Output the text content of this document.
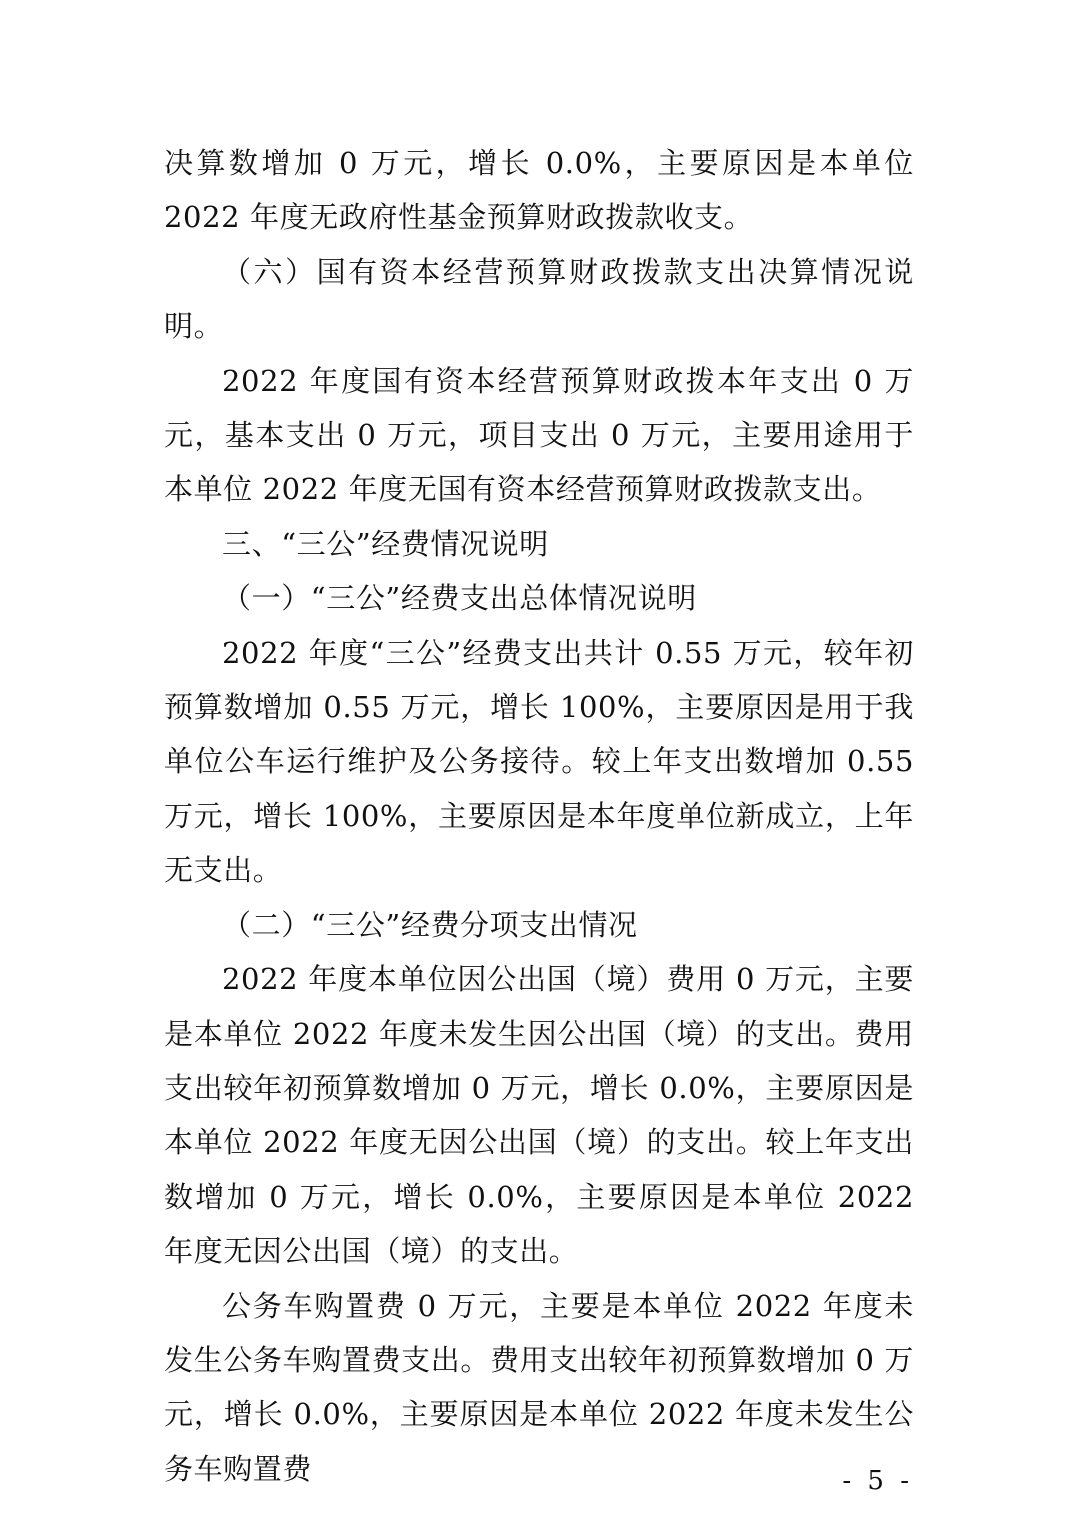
决算数增加 0 万元，增长 0.0%，主要原因是本单位 2022 年度无政府性基金预算财政拨款收支。

（六）国有资本经营预算财政拨款支出决算情况说明。

2022 年度国有资本经营预算财政拨本年支出 0 万元，基本支出 0 万元，项目支出 0 万元，主要用途用于本单位 2022 年度无国有资本经营预算财政拨款支出。

三、“三公”经费情况说明

（一）“三公”经费支出总体情况说明

2022 年度“三公”经费支出共计 0.55 万元，较年初预算数增加 0.55 万元，增长 100%，主要原因是用于我单位公车运行维护及公务接待。较上年支出数增加 0.55 万元，增长 100%，主要原因是本年度单位新成立，上年无支出。

（二）“三公”经费分项支出情况

2022 年度本单位因公出国（境）费用 0 万元，主要是本单位 2022 年度未发生因公出国（境）的支出。费用支出较年初预算数增加 0 万元，增长 0.0%，主要原因是本单位 2022 年度无因公出国（境）的支出。较上年支出数增加 0 万元，增长 0.0%，主要原因是本单位 2022 年度无因公出国（境）的支出。

公务车购置费 0 万元，主要是本单位 2022 年度未发生公务车购置费支出。费用支出较年初预算数增加 0 万元，增长 0.0%，主要原因是本单位 2022 年度未发生公务车购置费	- 5 -
